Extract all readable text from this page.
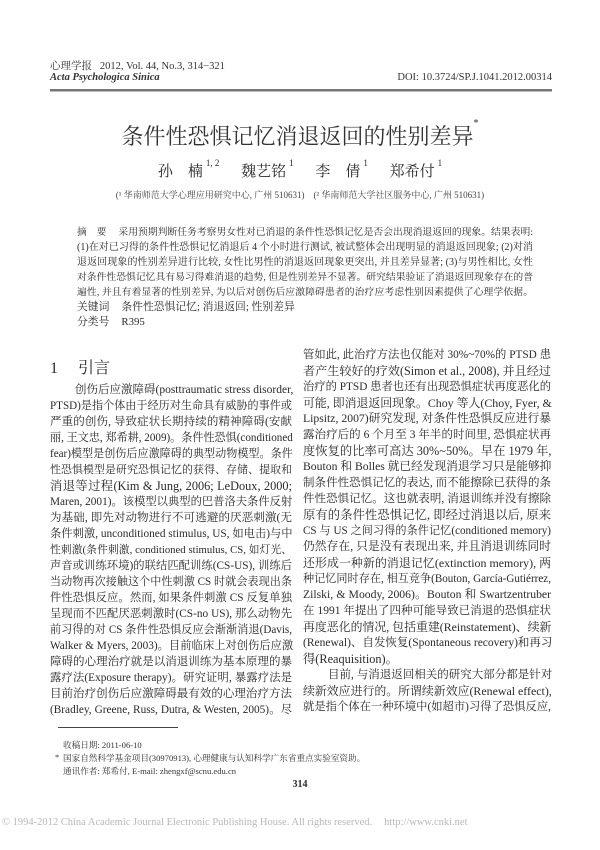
心理学报 2012, Vol. 44, No.3, 314−321
Acta Psychologica Sinica	DOI: 10.3724/SP.J.1041.2012.00314
条件性恐惧记忆消退返回的性别差异*
孙　楠$^{1, 2}$ 魏艺铭$^1$ 李　倩$^1$ 郑希付$^1$
(¹ 华南师范大学心理应用研究中心, 广州 510631)　(² 华南师范大学社区服务中心, 广州 510631)
摘　要 采用预期判断任务考察男女性对已消退的条件性恐惧记忆是否会出现消退返回的现象。结果表明:
(1)在对已习得的条件性恐惧记忆消退后 4 个小时进行测试, 被试整体会出现明显的消退返回现象; (2)对消
退返回现象的性别差异进行比较, 女性比男性的消退返回现象更突出, 并且差异显著; (3)与男性相比, 女性
对条件性恐惧记忆具有易习得难消退的趋势, 但是性别差异不显著。研究结果验证了消退返回现象存在的普
遍性, 并且有着显著的性别差异, 为以后对创伤后应激障碍患者的治疗应考虑性别因素提供了心理学依据。
关键词 条件性恐惧记忆; 消退返回; 性别差异
分类号 R395
1 引言
创伤后应激障碍(posttraumatic stress disorder,
PTSD)是指个体由于经历对生命具有威胁的事件或
严重的创伤, 导致症状长期持续的精神障碍(安献
丽, 王文忠, 郑希耕, 2009)。条件性恐惧(conditioned
fear)模型是创伤后应激障碍的典型动物模型。条件
性恐惧模型是研究恐惧记忆的获得、存储、提取和
消退等过程(Kim & Jung, 2006; LeDoux, 2000;
Maren, 2001)。该模型以典型的巴普洛夫条件反射
为基础, 即先对动物进行不可逃避的厌恶刺激(无
条件刺激, unconditioned stimulus, US, 如电击)与中
性刺激(条件刺激, conditioned stimulus, CS, 如灯光、
声音或训练环境)的联结匹配训练(CS-US), 训练后
当动物再次接触这个中性刺激 CS 时就会表现出条
件性恐惧反应。然而, 如果条件刺激 CS 反复单独
呈现而不匹配厌恶刺激时(CS-no US), 那么动物先
前习得的对 CS 条件性恐惧反应会渐渐消退(Davis,
Walker & Myers, 2003)。目前临床上对创伤后应激
障碍的心理治疗就是以消退训练为基本原理的暴
露疗法(Exposure therapy)。研究证明, 暴露疗法是
目前治疗创伤后应激障碍最有效的心理治疗方法
(Bradley, Greene, Russ, Dutra, & Westen, 2005)。尽
管如此, 此治疗方法也仅能对 30%~70%的 PTSD 患
者产生较好的疗效(Simon et al., 2008), 并且经过
治疗的 PTSD 患者也还有出现恐惧症状再度恶化的
可能, 即消退返回现象。Choy 等人(Choy, Fyer, &
Lipsitz, 2007)研究发现, 对条件性恐惧反应进行暴
露治疗后的 6 个月至 3 年半的时间里, 恐惧症状再
度恢复的比率可高达 30%~50%。早在 1979 年,
Bouton 和 Bolles 就已经发现消退学习只是能够抑
制条件性恐惧记忆的表达, 而不能擦除已获得的条
件性恐惧记忆。这也就表明, 消退训练并没有擦除
原有的条件性恐惧记忆, 即经过消退以后, 原来
CS 与 US 之间习得的条件记忆(conditioned memory)
仍然存在, 只是没有表现出来, 并且消退训练同时
还形成一种新的消退记忆(extinction memory), 两
种记忆同时存在, 相互竞争(Bouton, García-Gutiérrez,
Zilski, & Moody, 2006)。Bouton 和 Swartzentruber
在 1991 年提出了四种可能导致已消退的恐惧症状
再度恶化的情况, 包括重建(Reinstatement)、续新
(Renewal)、自发恢复(Spontaneous recovery)和再习
得(Reaquisition)。
目前, 与消退返回相关的研究大部分都是针对
续新效应进行的。所谓续新效应(Renewal effect),
就是指个体在一种环境中(如超市)习得了恐惧反应,
收稿日期: 2011-06-10
* 国家自然科学基金项目(30970913), 心理健康与认知科学广东省重点实验室资助。
通讯作者: 郑希付, E-mail: zhengxf@scnu.edu.cn
314
© 1994-2012 China Academic Journal Electronic Publishing House. All rights reserved. http://www.cnki.net
